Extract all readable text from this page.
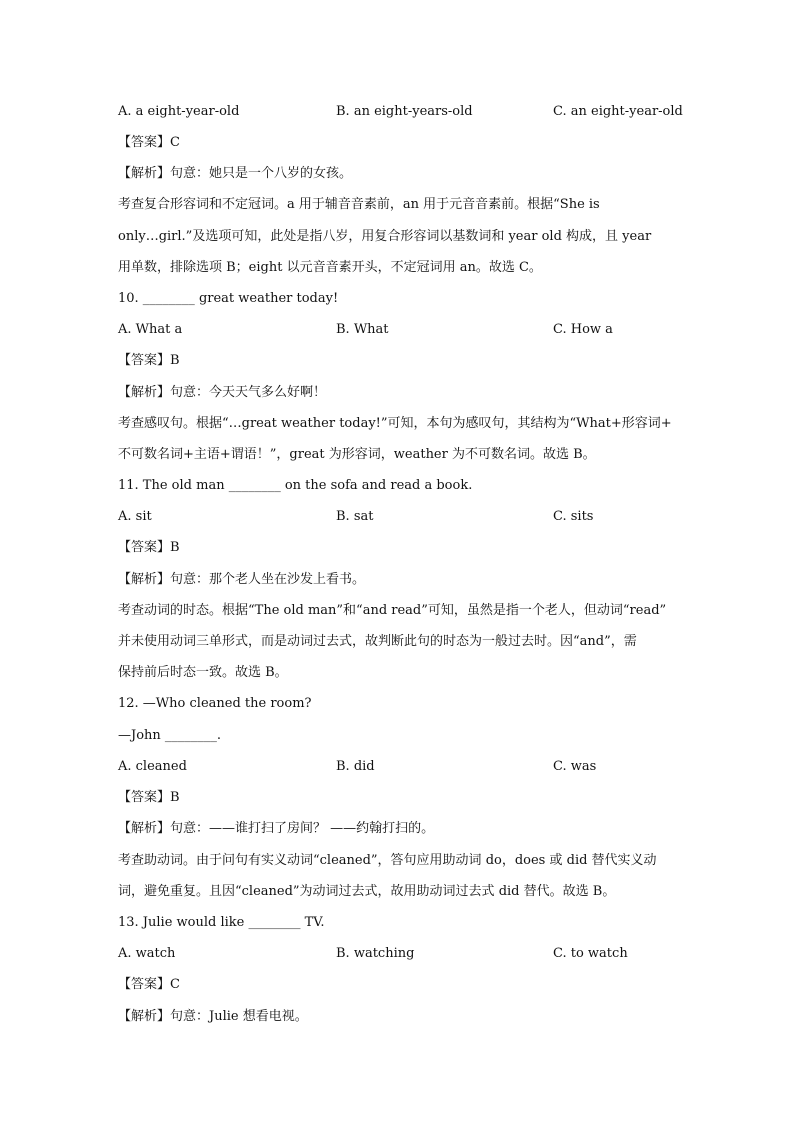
A. a eight-year-old	B. an eight-years-old	C. an eight-year-old
【答案】C
【解析】句意：她只是一个八岁的女孩。
考查复合形容词和不定冠词。a 用于辅音音素前，an 用于元音音素前。根据“She is
only…girl.”及选项可知，此处是指八岁，用复合形容词以基数词和 year old 构成，且 year
用单数，排除选项 B；eight 以元音音素开头，不定冠词用 an。故选 C。
10. ________ great weather today!
A. What a	B. What	C. How a
【答案】B
【解析】句意：今天天气多么好啊！
考查感叹句。根据“…great weather today!”可知，本句为感叹句，其结构为“What+形容词+
不可数名词+主语+谓语！”，great 为形容词，weather 为不可数名词。故选 B。
11. The old man ________ on the sofa and read a book.
A. sit	B. sat	C. sits
【答案】B
【解析】句意：那个老人坐在沙发上看书。
考查动词的时态。根据“The old man”和“and read”可知，虽然是指一个老人，但动词“read”
并未使用动词三单形式，而是动词过去式，故判断此句的时态为一般过去时。因“and”，需
保持前后时态一致。故选 B。
12. —Who cleaned the room?
—John ________.
A. cleaned	B. did	C. was
【答案】B
【解析】句意：——谁打扫了房间？ ——约翰打扫的。
考查助动词。由于问句有实义动词“cleaned”，答句应用助动词 do，does 或 did 替代实义动
词，避免重复。且因“cleaned”为动词过去式，故用助动词过去式 did 替代。故选 B。
13. Julie would like ________ TV.
A. watch	B. watching	C. to watch
【答案】C
【解析】句意：Julie 想看电视。
